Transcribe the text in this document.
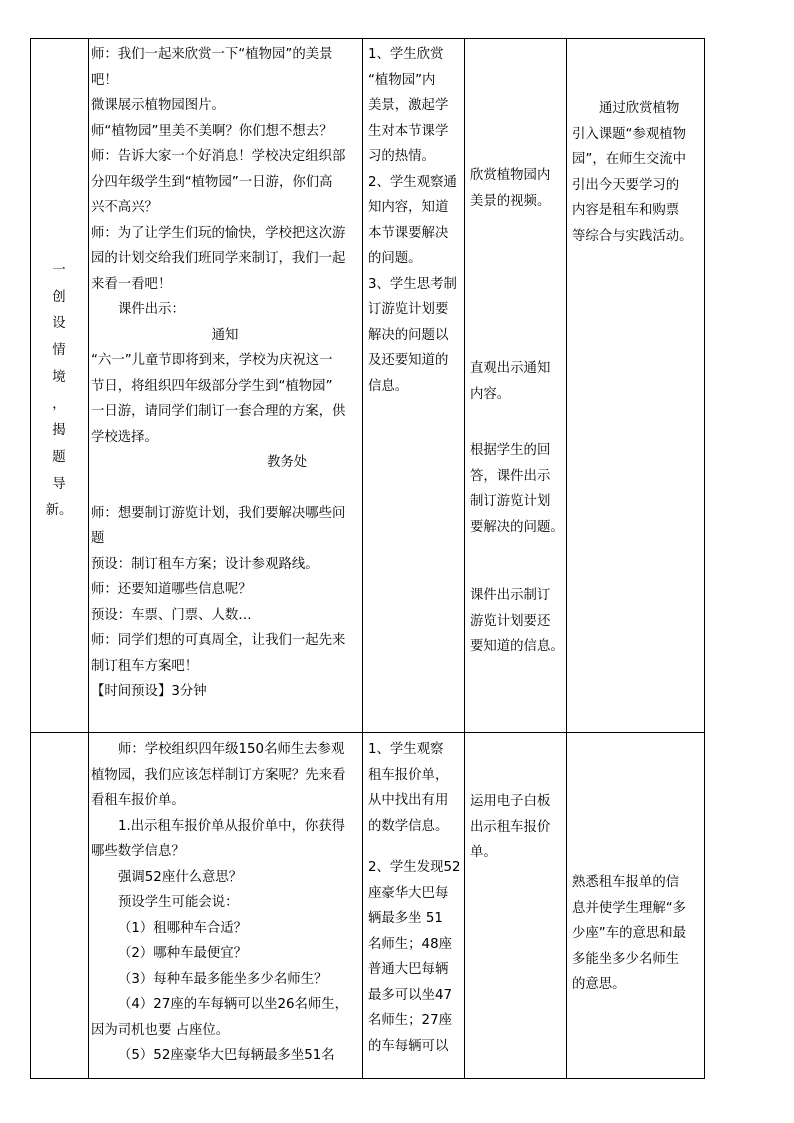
一

创

设

情

境

，

揭

题

导

新。

师：我们一起来欣赏一下“植物园”的美景

吧！

微课展示植物园图片。

师“植物园”里美不美啊？你们想不想去？

师：告诉大家一个好消息！学校决定组织部

分四年级学生到“植物园”一日游，你们高

兴不高兴？

师：为了让学生们玩的愉快，学校把这次游

园的计划交给我们班同学来制订，我们一起

来看一看吧！

课件出示：

通知

“六一”儿童节即将到来，学校为庆祝这一

节日，将组织四年级部分学生到“植物园”

一日游，请同学们制订一套合理的方案，供

学校选择。

教务处

师：想要制订游览计划，我们要解决哪些问

题

预设：制订租车方案；设计参观路线。

师：还要知道哪些信息呢？

预设：车票、门票、人数…

师：同学们想的可真周全，让我们一起先来

制订租车方案吧！

【时间预设】3分钟

1、学生欣赏

“植物园”内

美景，激起学

生对本节课学

习的热情。

2、学生观察通

知内容，知道

本节课要解决

的问题。

3、学生思考制

订游览计划要

解决的问题以

及还要知道的

信息。

欣赏植物园内

美景的视频。

直观出示通知

内容。

根据学生的回

答，课件出示

制订游览计划

要解决的问题。

课件出示制订

游览计划要还

要知道的信息。

通过欣赏植物

引入课题“参观植物

园”，在师生交流中

引出今天要学习的

内容是租车和购票

等综合与实践活动。

师：学校组织四年级150名师生去参观

植物园，我们应该怎样制订方案呢？先来看

看租车报价单。

1.出示租车报价单从报价单中，你获得

哪些数学信息？

强调52座什么意思？

预设学生可能会说：

（1）租哪种车合适？

（2）哪种车最便宜？

（3）每种车最多能坐多少名师生？

（4）27座的车每辆可以坐26名师生，

因为司机也要 占座位。

（5）52座豪华大巴每辆最多坐51名

1、学生观察

租车报价单，

从中找出有用

的数学信息。

2、学生发现52

座豪华大巴每

辆最多坐 51

名师生；48座

普通大巴每辆

最多可以坐47

名师生；27座

的车每辆可以

运用电子白板

出示租车报价

单。

熟悉租车报单的信

息并使学生理解“多

少座”车的意思和最

多能坐多少名师生

的意思。
